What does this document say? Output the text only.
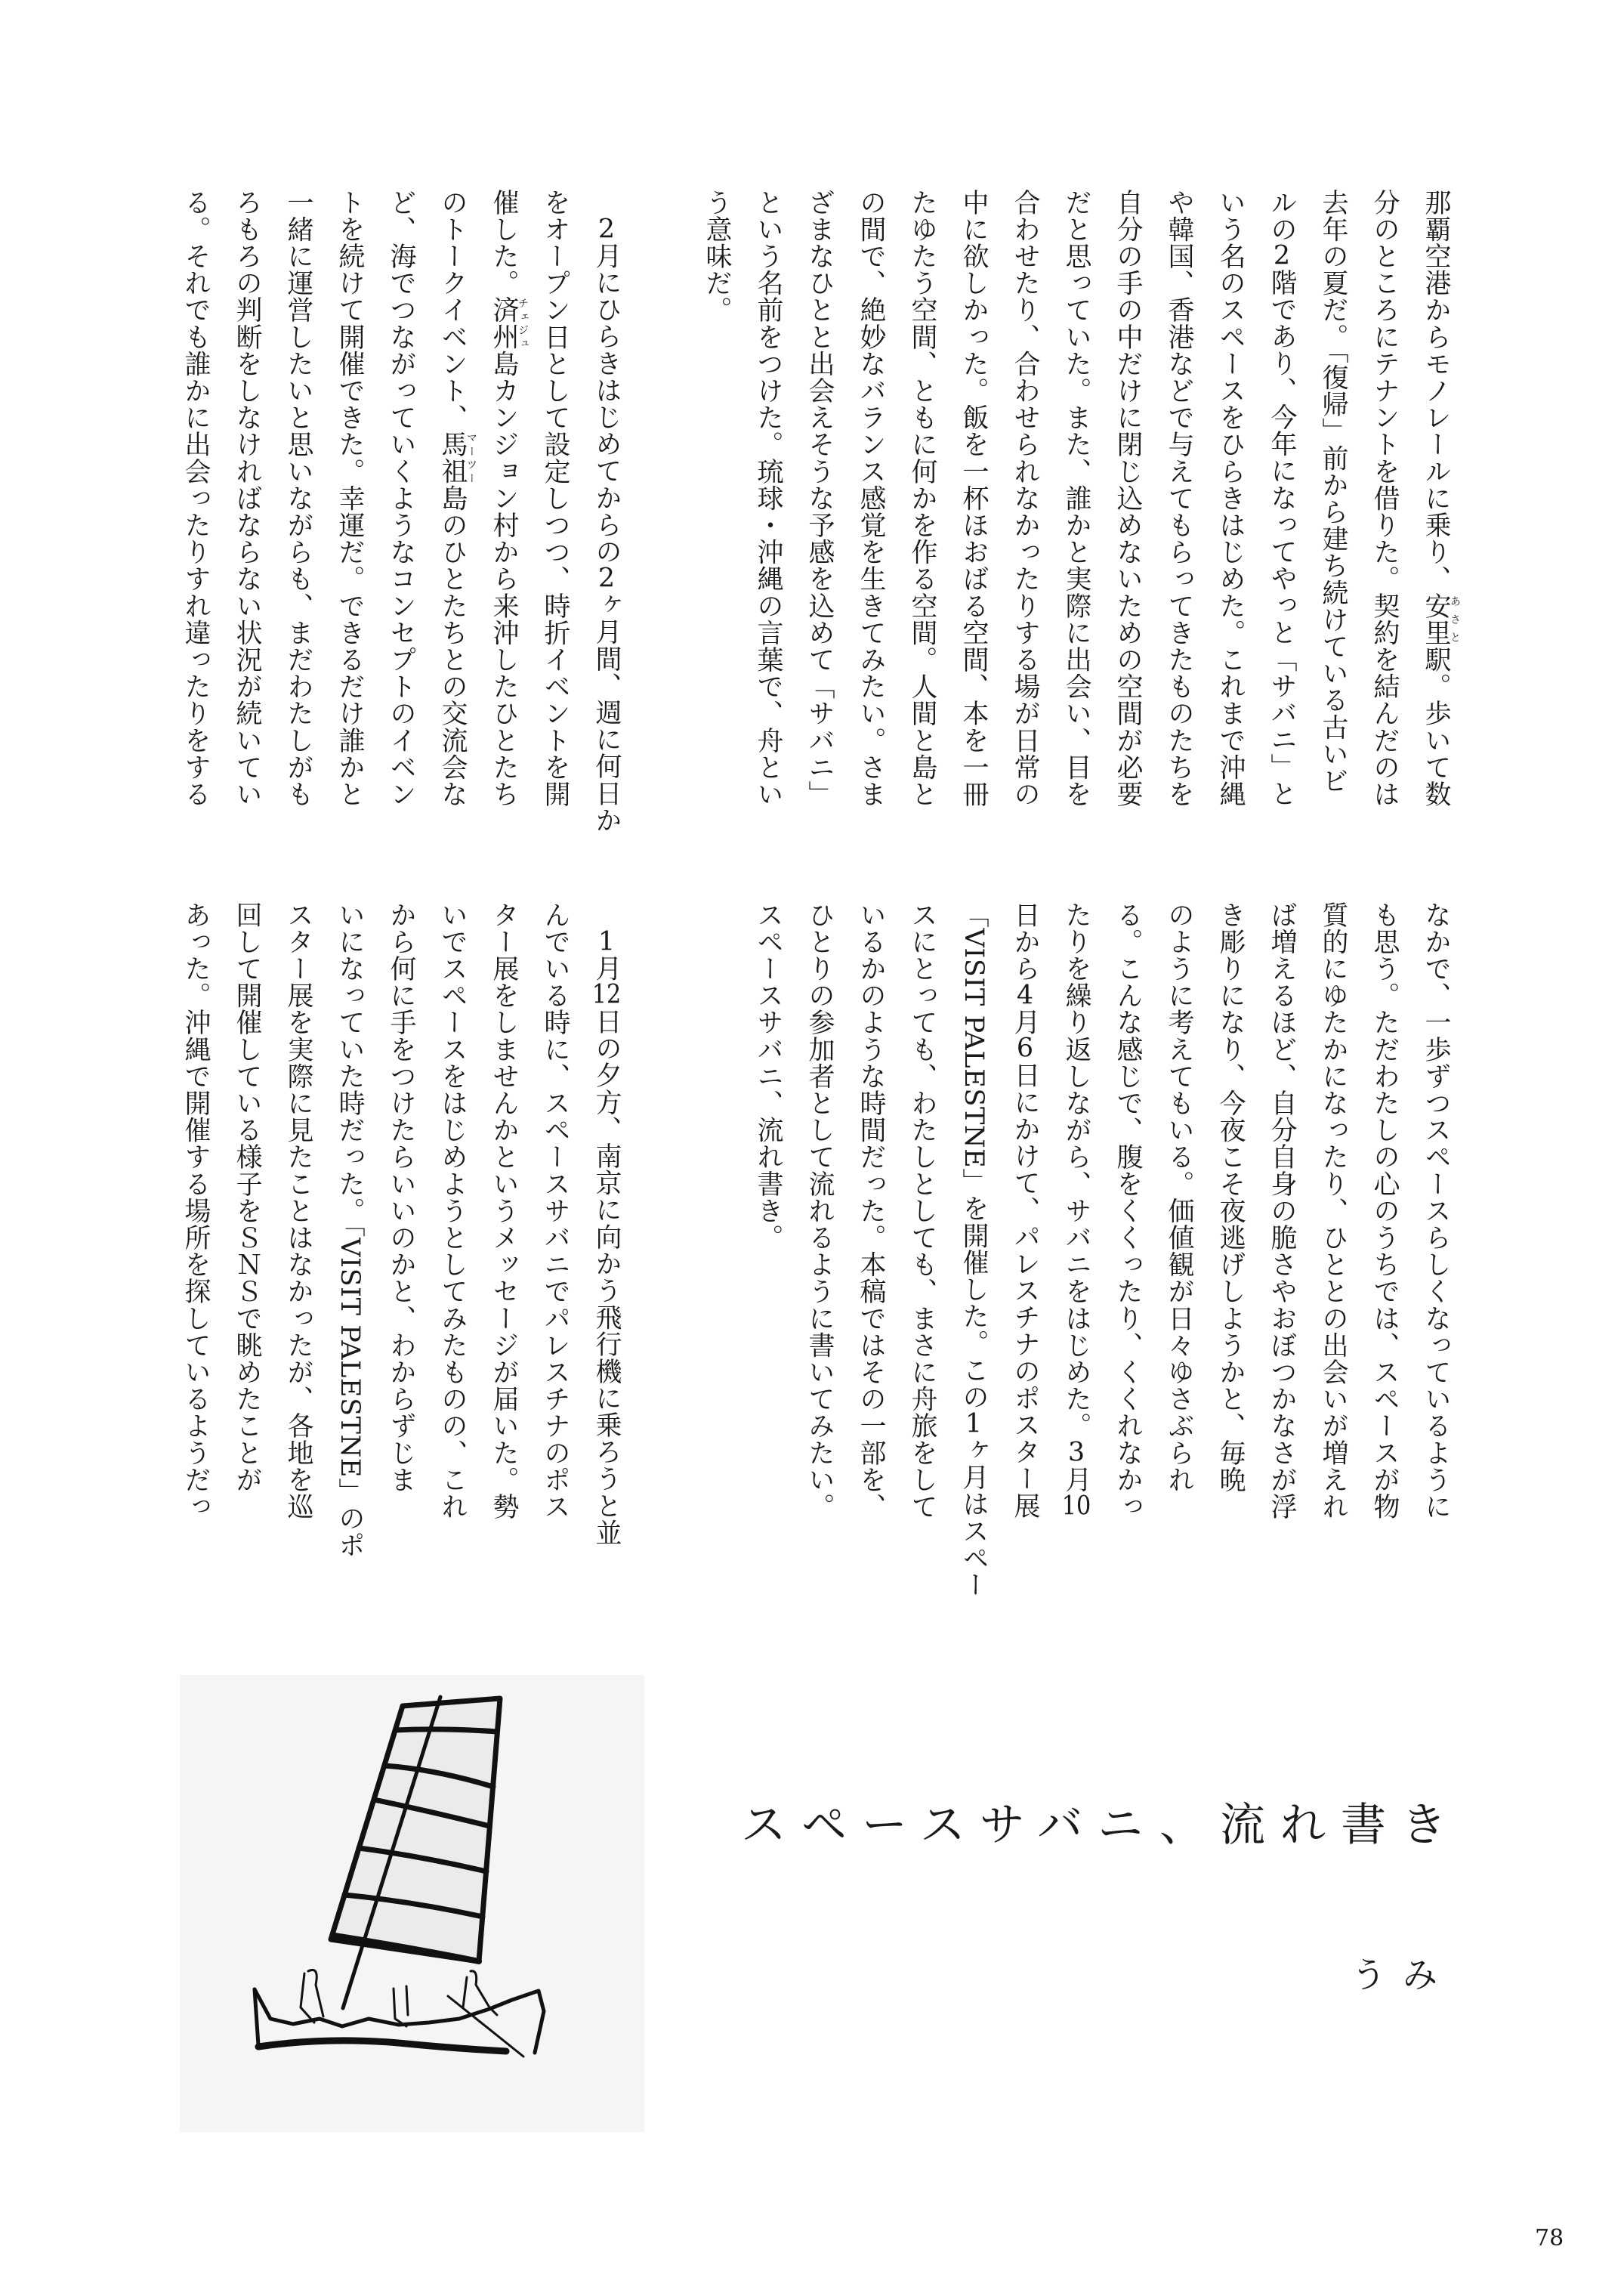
那覇空港からモノレールに乗り、安里あさと駅。歩いて数
分のところにテナントを借りた。契約を結んだのは
去年の夏だ。「復帰」前から建ち続けている古いビ
ルの2階であり、今年になってやっと「サバニ」と
いう名のスペースをひらきはじめた。これまで沖縄
や韓国、香港などで与えてもらってきたものたちを
自分の手の中だけに閉じ込めないための空間が必要
だと思っていた。また、誰かと実際に出会い、目を
合わせたり、合わせられなかったりする場が日常の
中に欲しかった。飯を一杯ほおばる空間、本を一冊
たゆたう空間、ともに何かを作る空間。人間と島と
の間で、絶妙なバランス感覚を生きてみたい。さま
ざまなひとと出会えそうな予感を込めて「サバニ」
という名前をつけた。琉球・沖縄の言葉で、舟とい
う意味だ。
　2月にひらきはじめてからの2ヶ月間、週に何日か
をオープン日として設定しつつ、時折イベントを開
催した。済州チェジュ島カンジョン村から来沖したひとたち
のトークイベント、馬祖マーツー島のひとたちとの交流会な
ど、海でつながっていくようなコンセプトのイベン
トを続けて開催できた。幸運だ。できるだけ誰かと
一緒に運営したいと思いながらも、まだわたしがも
ろもろの判断をしなければならない状況が続いてい
る。それでも誰かに出会ったりすれ違ったりをする
なかで、一歩ずつスペースらしくなっているように
も思う。ただわたしの心のうちでは、スペースが物
質的にゆたかになったり、ひととの出会いが増えれ
ば増えるほど、自分自身の脆さやおぼつかなさが浮
き彫りになり、今夜こそ夜逃げしようかと、毎晩
のように考えてもいる。価値観が日々ゆさぶられ
る。こんな感じで、腹をくくったり、くくれなかっ
たりを繰り返しながら、サバニをはじめた。3月10
日から4月6日にかけて、パレスチナのポスター展
「VISIT PALESTNE」を開催した。この1ヶ月はスペー
スにとっても、わたしとしても、まさに舟旅をして
いるかのような時間だった。本稿ではその一部を、
ひとりの参加者として流れるように書いてみたい。
スペースサバニ、流れ書き。
　1月12日の夕方、南京に向かう飛行機に乗ろうと並
んでいる時に、スペースサバニでパレスチナのポス
ター展をしませんかというメッセージが届いた。勢
いでスペースをはじめようとしてみたものの、これ
から何に手をつけたらいいのかと、わからずじま
いになっていた時だった。「VISIT PALESTNE」のポ
スター展を実際に見たことはなかったが、各地を巡
回して開催している様子をＳＮＳで眺めたことが
あった。沖縄で開催する場所を探しているようだっ
スペースサバニ、流れ書き
うみ
78
